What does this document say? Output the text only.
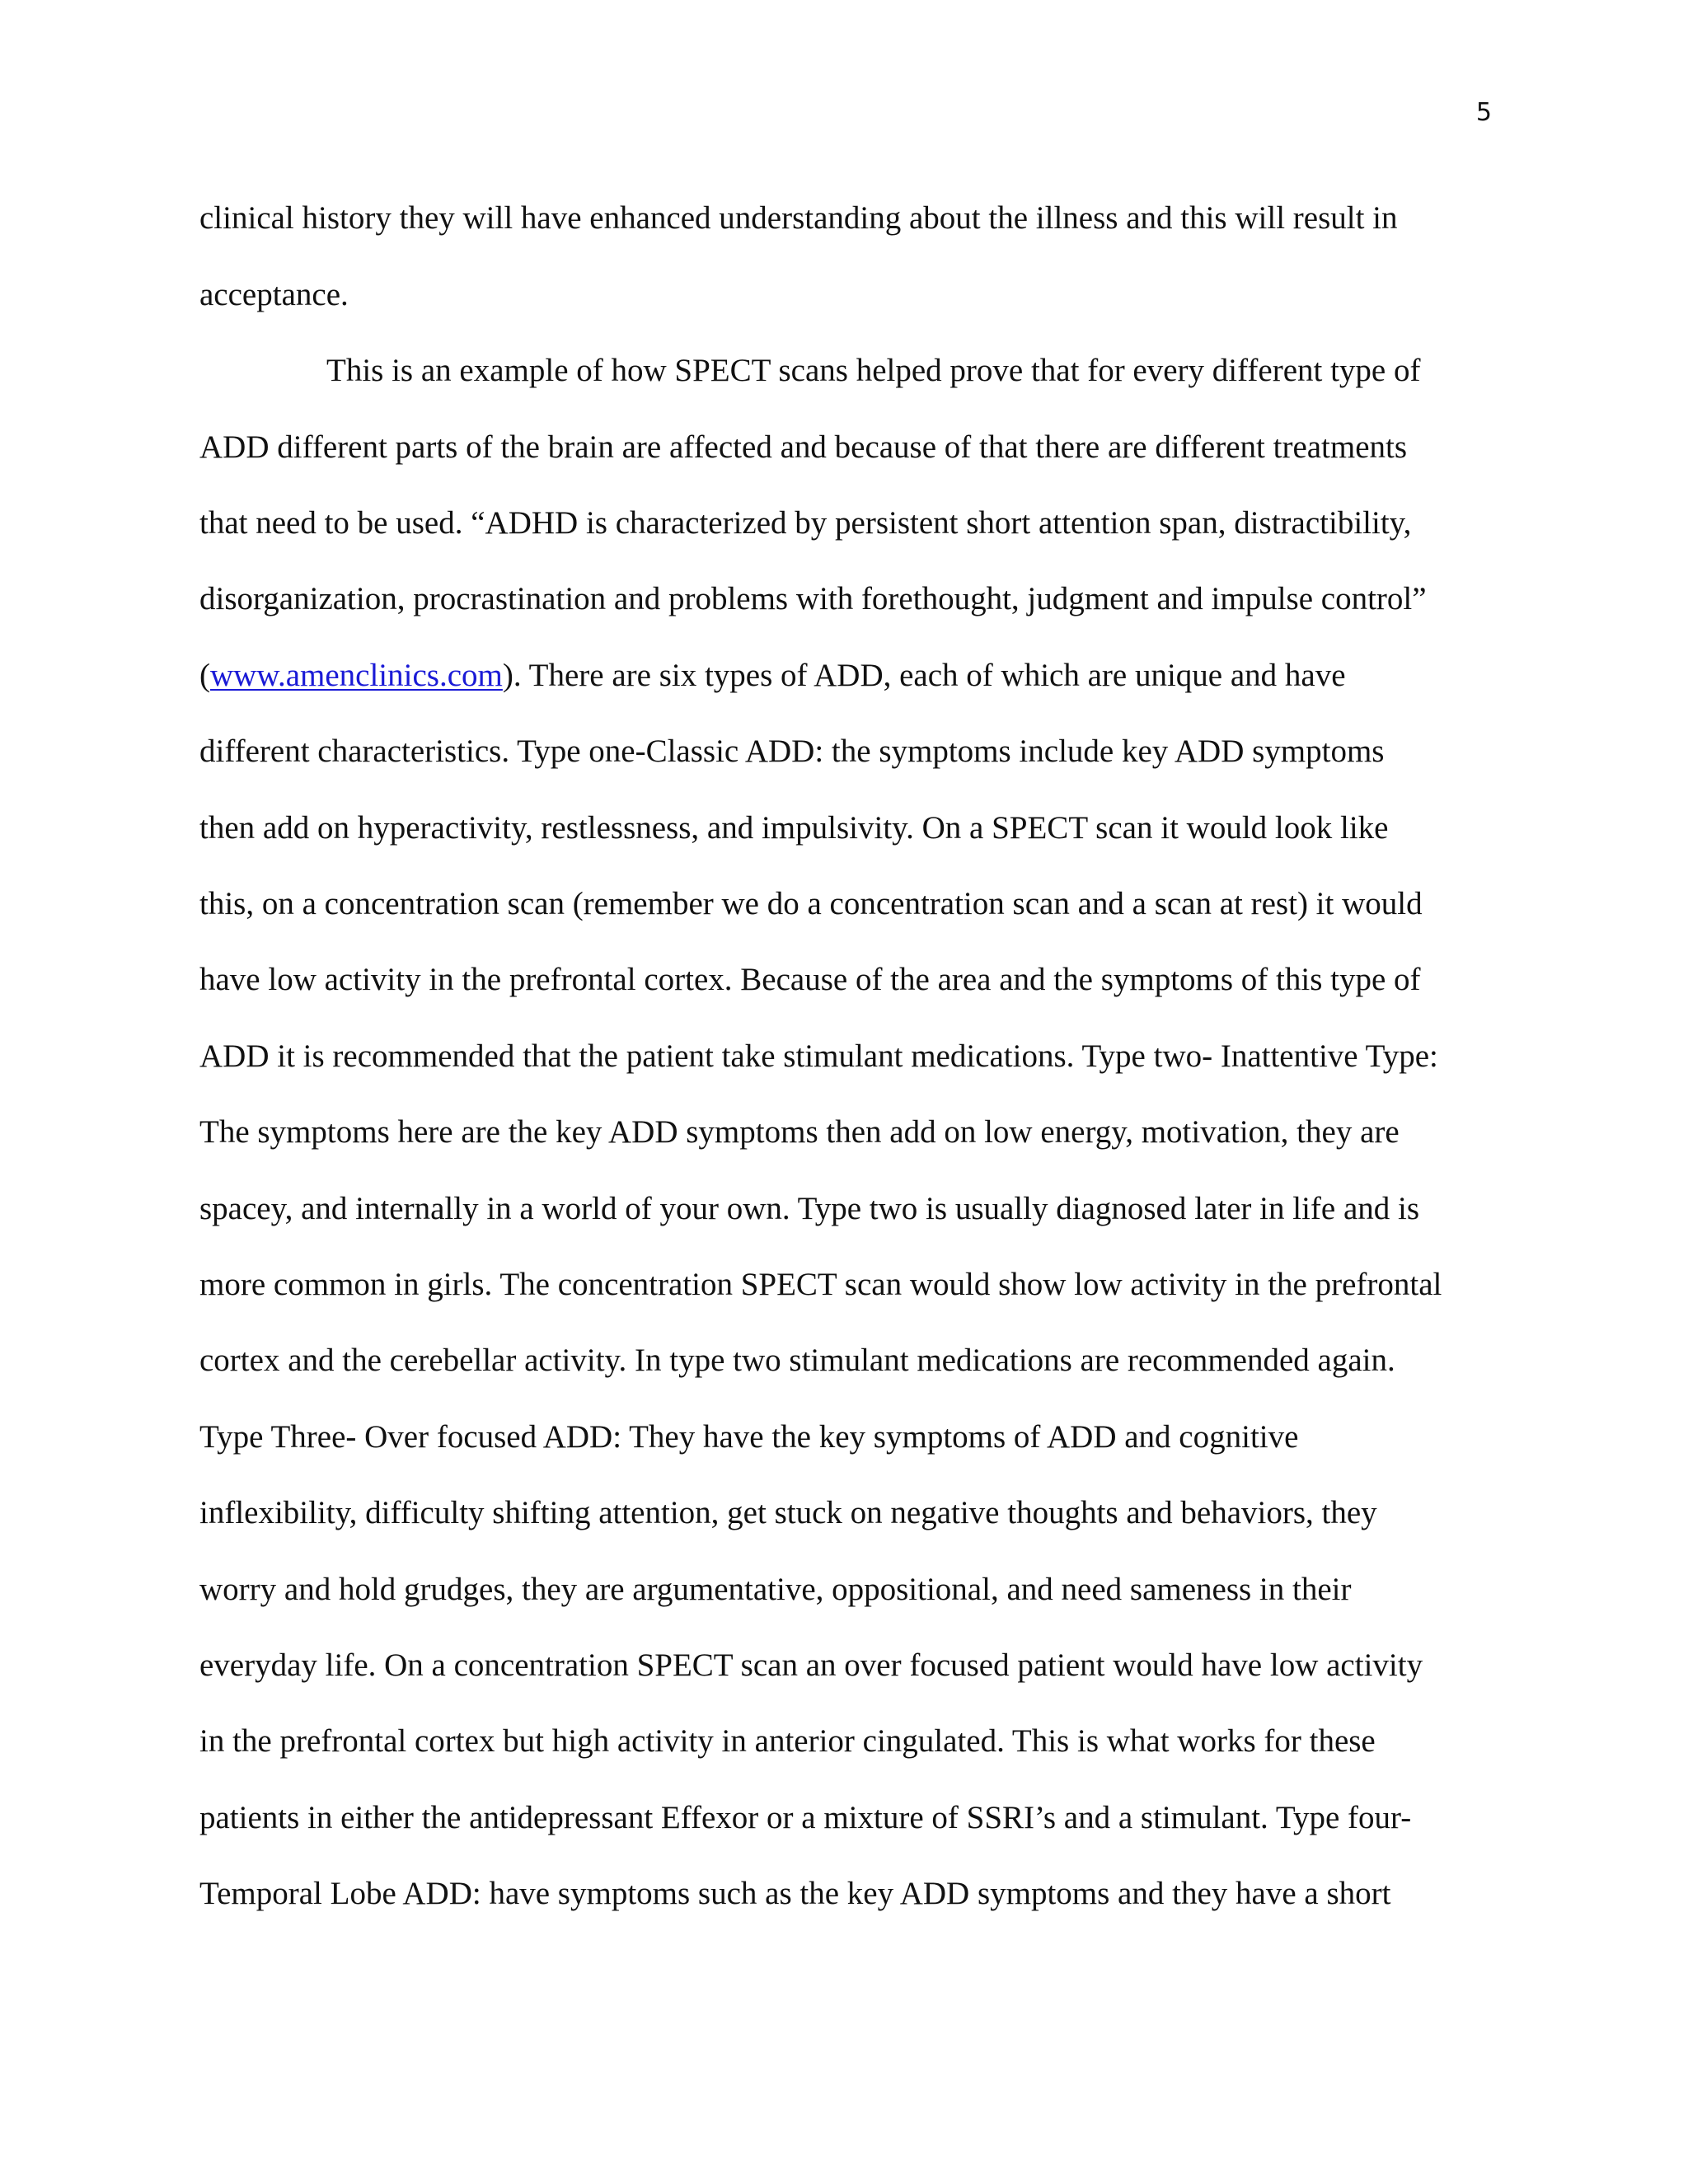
5
clinical history they will have enhanced understanding about the illness and this will result in
acceptance.
This is an example of how SPECT scans helped prove that for every different type of
ADD different parts of the brain are affected and because of that there are different treatments
that need to be used. “ADHD is characterized by persistent short attention span, distractibility,
disorganization, procrastination and problems with forethought, judgment and impulse control”
(www.amenclinics.com). There are six types of ADD, each of which are unique and have
different characteristics. Type one-Classic ADD: the symptoms include key ADD symptoms
then add on hyperactivity, restlessness, and impulsivity. On a SPECT scan it would look like
this, on a concentration scan (remember we do a concentration scan and a scan at rest) it would
have low activity in the prefrontal cortex. Because of the area and the symptoms of this type of
ADD it is recommended that the patient take stimulant medications. Type two- Inattentive Type:
The symptoms here are the key ADD symptoms then add on low energy, motivation, they are
spacey, and internally in a world of your own. Type two is usually diagnosed later in life and is
more common in girls. The concentration SPECT scan would show low activity in the prefrontal
cortex and the cerebellar activity. In type two stimulant medications are recommended again.
Type Three- Over focused ADD: They have the key symptoms of ADD and cognitive
inflexibility, difficulty shifting attention, get stuck on negative thoughts and behaviors, they
worry and hold grudges, they are argumentative, oppositional, and need sameness in their
everyday life. On a concentration SPECT scan an over focused patient would have low activity
in the prefrontal cortex but high activity in anterior cingulated. This is what works for these
patients in either the antidepressant Effexor or a mixture of SSRI’s and a stimulant. Type four-
Temporal Lobe ADD: have symptoms such as the key ADD symptoms and they have a short
